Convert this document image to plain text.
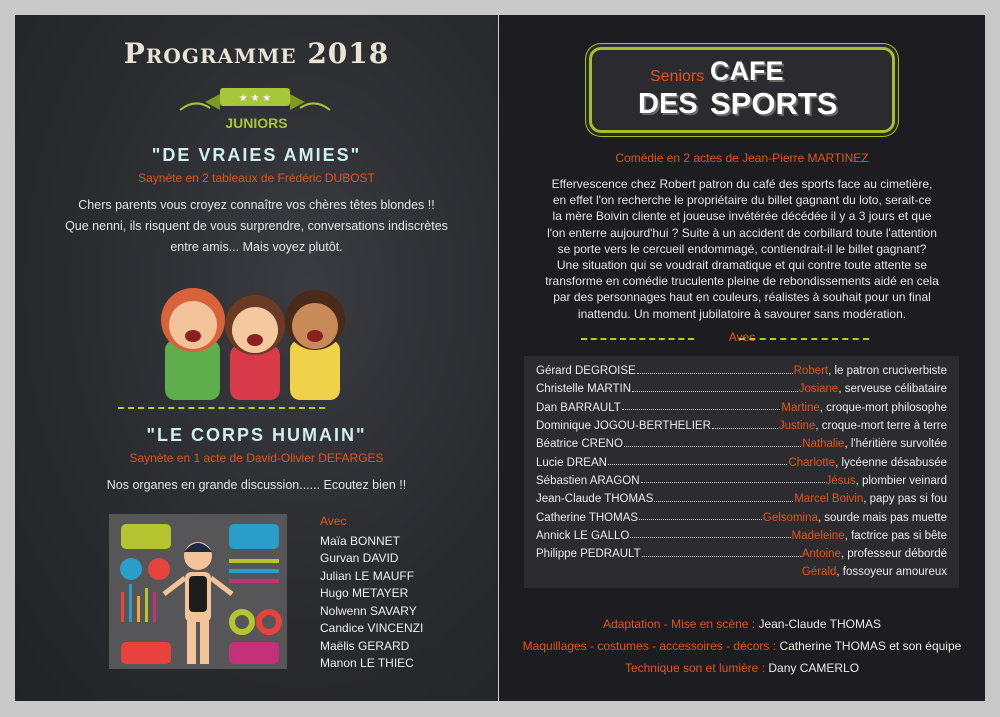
Programme 2018
★ ★ ★
JUNIORS
"DE VRAIES AMIES"
Saynète en 2 tableaux de Frédéric DUBOST
Chers parents vous croyez connaître vos chères têtes blondes !!
Que nenni, ils risquent de vous surprendre, conversations indiscrètes
entre amis... Mais voyez plutôt.
"LE CORPS HUMAIN"
Saynète en 1 acte de David-Olivier DEFARGES
Nos organes en grande discussion...... Ecoutez bien !!
Avec
Maïa BONNET
Gurvan DAVID
Julian LE MAUFF
Hugo METAYER
Nolwenn SAVARY
Candice VINCENZI
Maëlis GERARD
Manon LE THIEC
Seniors CAFE
DES SPORTS
Comédie en 2 actes de Jean-Pierre MARTINEZ
Effervescence chez Robert patron du café des sports face au cimetière,
en effet l'on recherche le propriétaire du billet gagnant du loto, serait-ce
la mère Boivin cliente et joueuse invétérée décédée il y a 3 jours et que
l'on enterre aujourd'hui ? Suite à un accident de corbillard toute l'attention
se porte vers le cercueil endommagé, contiendrait-il le billet gagnant?
Une situation qui se voudrait dramatique et qui contre toute attente se
transforme en comédie truculente pleine de rebondissements aidé en cela
par des personnages haut en couleurs, réalistes à souhait pour un final
inattendu. Un moment jubilatoire à savourer sans modération.
Avec
Gérard DEGROISE	Robert , le patron cruciverbiste
Christelle MARTIN	Josiane , serveuse célibataire
Dan BARRAULT	Martine , croque-mort philosophe
Dominique JOGOU-BERTHELIER	Justine , croque-mort terre à terre
Béatrice CRENO	Nathalie , l'héritière survoltée
Lucie DREAN	Charlotte , lycéenne désabusée
Sébastien ARAGON	Jésus , plombier veinard
Jean-Claude THOMAS	Marcel Boivin , papy pas si fou
Catherine THOMAS	Gelsomina , sourde mais pas muette
Annick LE GALLO	Madeleine , factrice pas si bête
Philippe PEDRAULT	Antoine , professeur débordé
Gérald , fossoyeur amoureux
Adaptation - Mise en scène : Jean-Claude THOMAS
Maquillages - costumes - accessoires - décors : Catherine THOMAS et son équipe
Technique son et lumière : Dany CAMERLO
